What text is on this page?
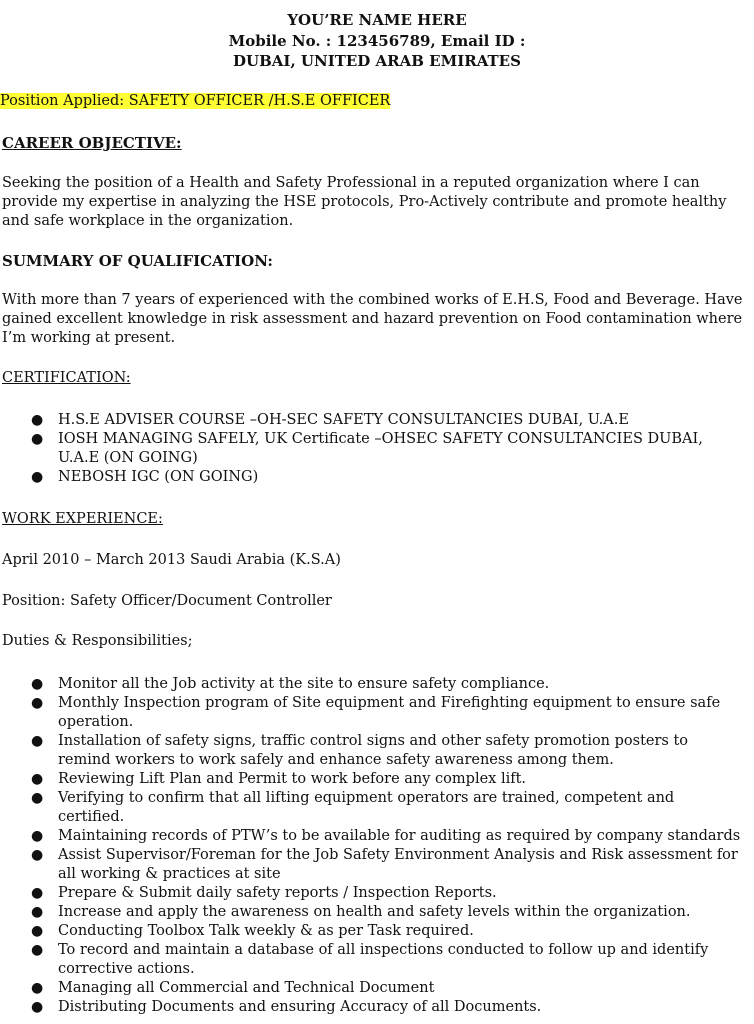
YOU’RE NAME HERE
Mobile No. : 123456789, Email ID :
DUBAI, UNITED ARAB EMIRATES
Position Applied: SAFETY OFFICER /H.S.E OFFICER
CAREER OBJECTIVE:
Seeking the position of a Health and Safety Professional in a reputed organization where I can provide my expertise in analyzing the HSE protocols, Pro-Actively contribute and promote healthy and safe workplace in the organization.
SUMMARY OF QUALIFICATION:
With more than 7 years of experienced with the combined works of E.H.S, Food and Beverage. Have gained excellent knowledge in risk assessment and hazard prevention on Food contamination where I’m working at present.
CERTIFICATION:
● H.S.E ADVISER COURSE –OH-SEC SAFETY CONSULTANCIES DUBAI, U.A.E
● IOSH MANAGING SAFELY, UK Certificate –OHSEC SAFETY CONSULTANCIES DUBAI, U.A.E (ON GOING)
● NEBOSH IGC (ON GOING)
WORK EXPERIENCE:
April 2010 – March 2013 Saudi Arabia (K.S.A)
Position: Safety Officer/Document Controller
Duties & Responsibilities;
● Monitor all the Job activity at the site to ensure safety compliance.
● Monthly Inspection program of Site equipment and Firefighting equipment to ensure safe operation.
● Installation of safety signs, traffic control signs and other safety promotion posters to remind workers to work safely and enhance safety awareness among them.
● Reviewing Lift Plan and Permit to work before any complex lift.
● Verifying to confirm that all lifting equipment operators are trained, competent and certified.
● Maintaining records of PTW’s to be available for auditing as required by company standards
● Assist Supervisor/Foreman for the Job Safety Environment Analysis and Risk assessment for all working & practices at site
● Prepare & Submit daily safety reports / Inspection Reports.
● Increase and apply the awareness on health and safety levels within the organization.
● Conducting Toolbox Talk weekly & as per Task required.
● To record and maintain a database of all inspections conducted to follow up and identify corrective actions.
● Managing all Commercial and Technical Document
● Distributing Documents and ensuring Accuracy of all Documents.
